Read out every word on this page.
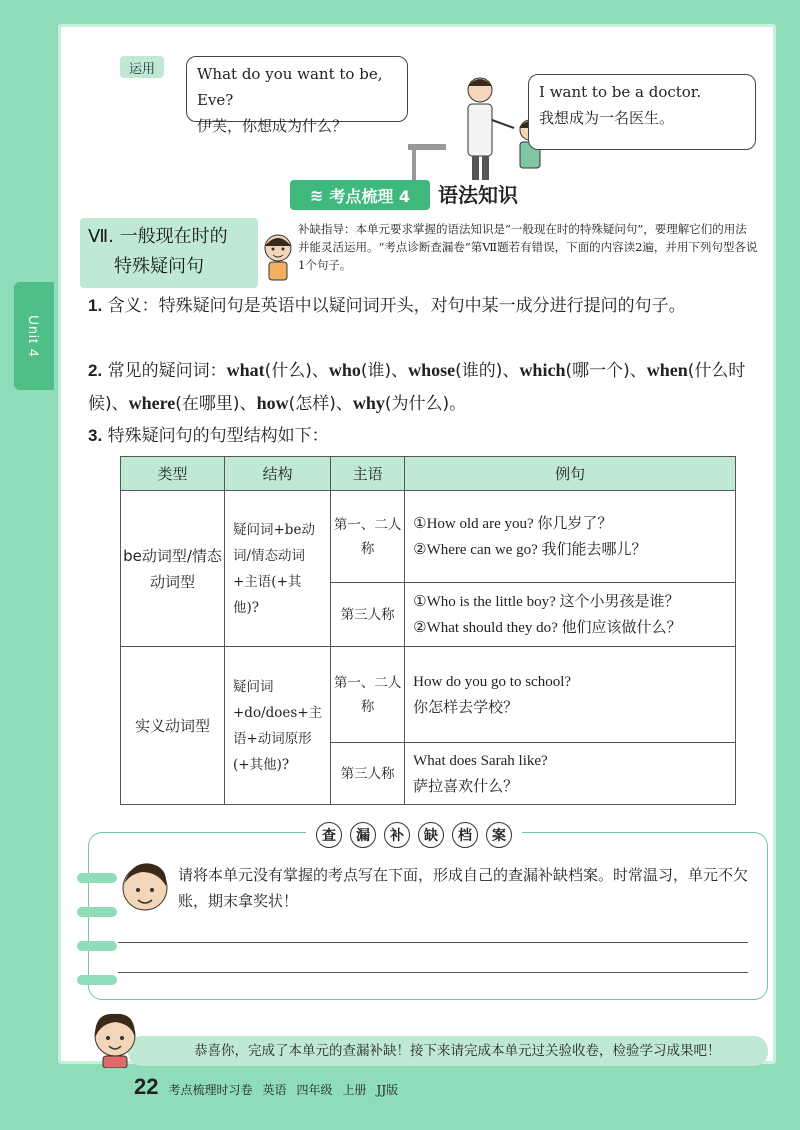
运用	What do you want to be, Eve?
伊芙，你想成为什么？
I want to be a doctor.
我想成为一名医生。
≋ 考点梳理 4 语法知识
Ⅶ. 一般现在时的
特殊疑问句
补缺指导：本单元要求掌握的语法知识是“一般现在时的特殊疑问句”，要理解它们的用法并能灵活运用。“考点诊断查漏卷”第Ⅶ题若有错误，下面的内容读2遍，并用下列句型各说1个句子。
1. 含义：特殊疑问句是英语中以疑问词开头，对句中某一成分进行提问的句子。
2. 常见的疑问词：what(什么)、who(谁)、whose(谁的)、which(哪一个)、when(什么时候)、where(在哪里)、how(怎样)、why(为什么)。
3. 特殊疑问句的句型结构如下：
类型	结构	主语	例句
be动词型/情态动词型	疑问词+be动词/情态动词+主语(+其他)?	第一、二人称	①How old are you? 你几岁了？
②Where can we go? 我们能去哪儿？

		第三人称	①Who is the little boy? 这个小男孩是谁？
②What should they do? 他们应该做什么？

实义动词型	疑问词+do/does+主语+动词原形(+其他)?	第一、二人称	How do you go to school?
你怎样去学校？

		第三人称	What does Sarah like?
萨拉喜欢什么？
查	漏	补	缺	档	案
请将本单元没有掌握的考点写在下面，形成自己的查漏补缺档案。时常温习，单元不欠账，期末拿奖状！
恭喜你，完成了本单元的查漏补缺！接下来请完成本单元过关验收卷，检验学习成果吧！
22 考点梳理时习卷 英语 四年级 上册 JJ版
Unit 4
